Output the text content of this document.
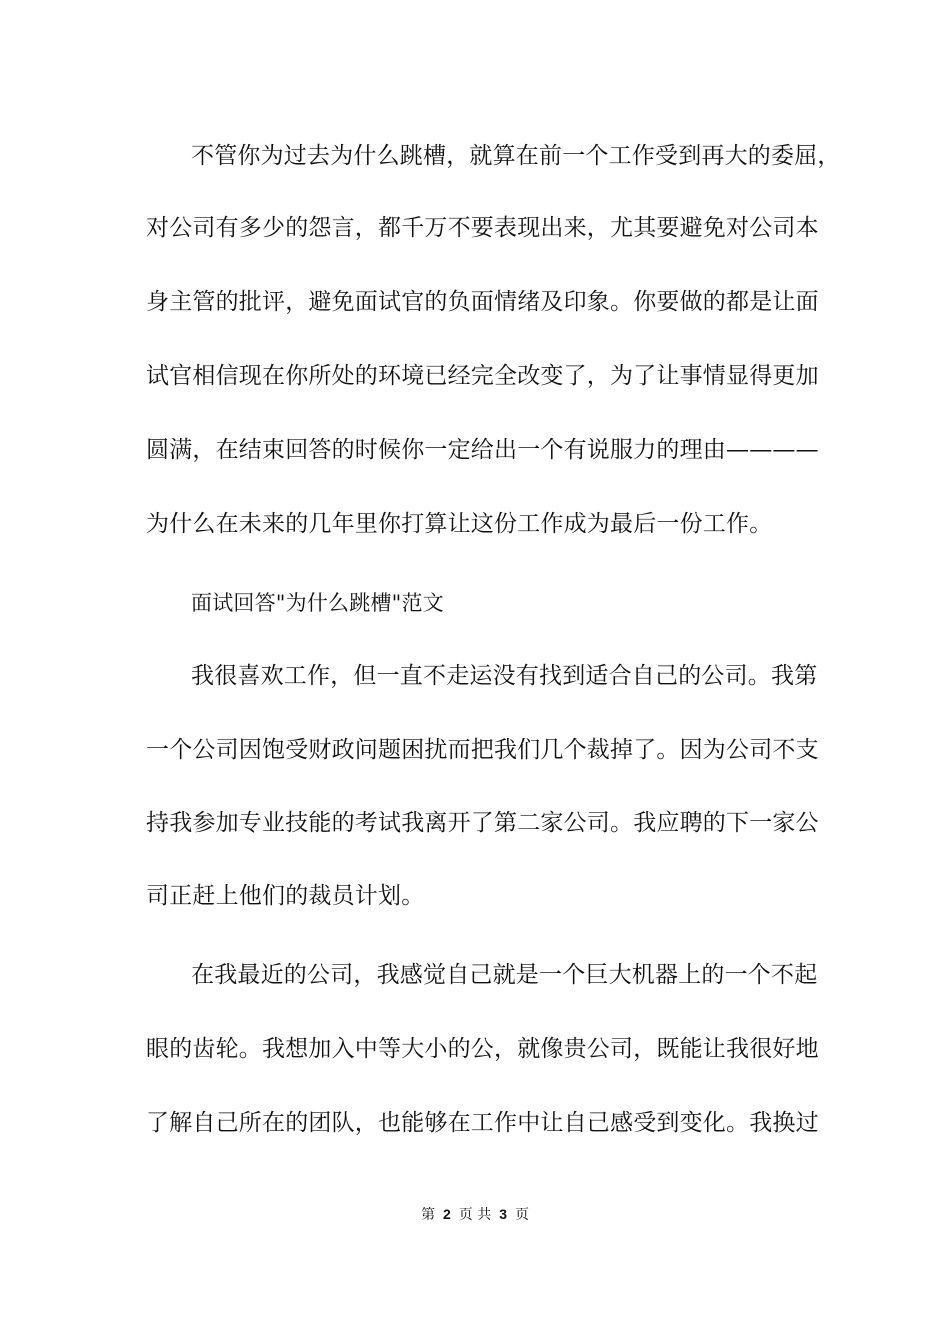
不管你为过去为什么跳槽，就算在前一个工作受到再大的委屈，
对公司有多少的怨言，都千万不要表现出来，尤其要避免对公司本
身主管的批评，避免面试官的负面情绪及印象。你要做的都是让面
试官相信现在你所处的环境已经完全改变了，为了让事情显得更加
圆满，在结束回答的时候你一定给出一个有说服力的理由————
为什么在未来的几年里你打算让这份工作成为最后一份工作。
面试回答"为什么跳槽"范文
我很喜欢工作，但一直不走运没有找到适合自己的公司。我第
一个公司因饱受财政问题困扰而把我们几个裁掉了。因为公司不支
持我参加专业技能的考试我离开了第二家公司。我应聘的下一家公
司正赶上他们的裁员计划。
在我最近的公司，我感觉自己就是一个巨大机器上的一个不起
眼的齿轮。我想加入中等大小的公，就像贵公司，既能让我很好地
了解自己所在的团队，也能够在工作中让自己感受到变化。我换过
第 2 页 共 3 页
